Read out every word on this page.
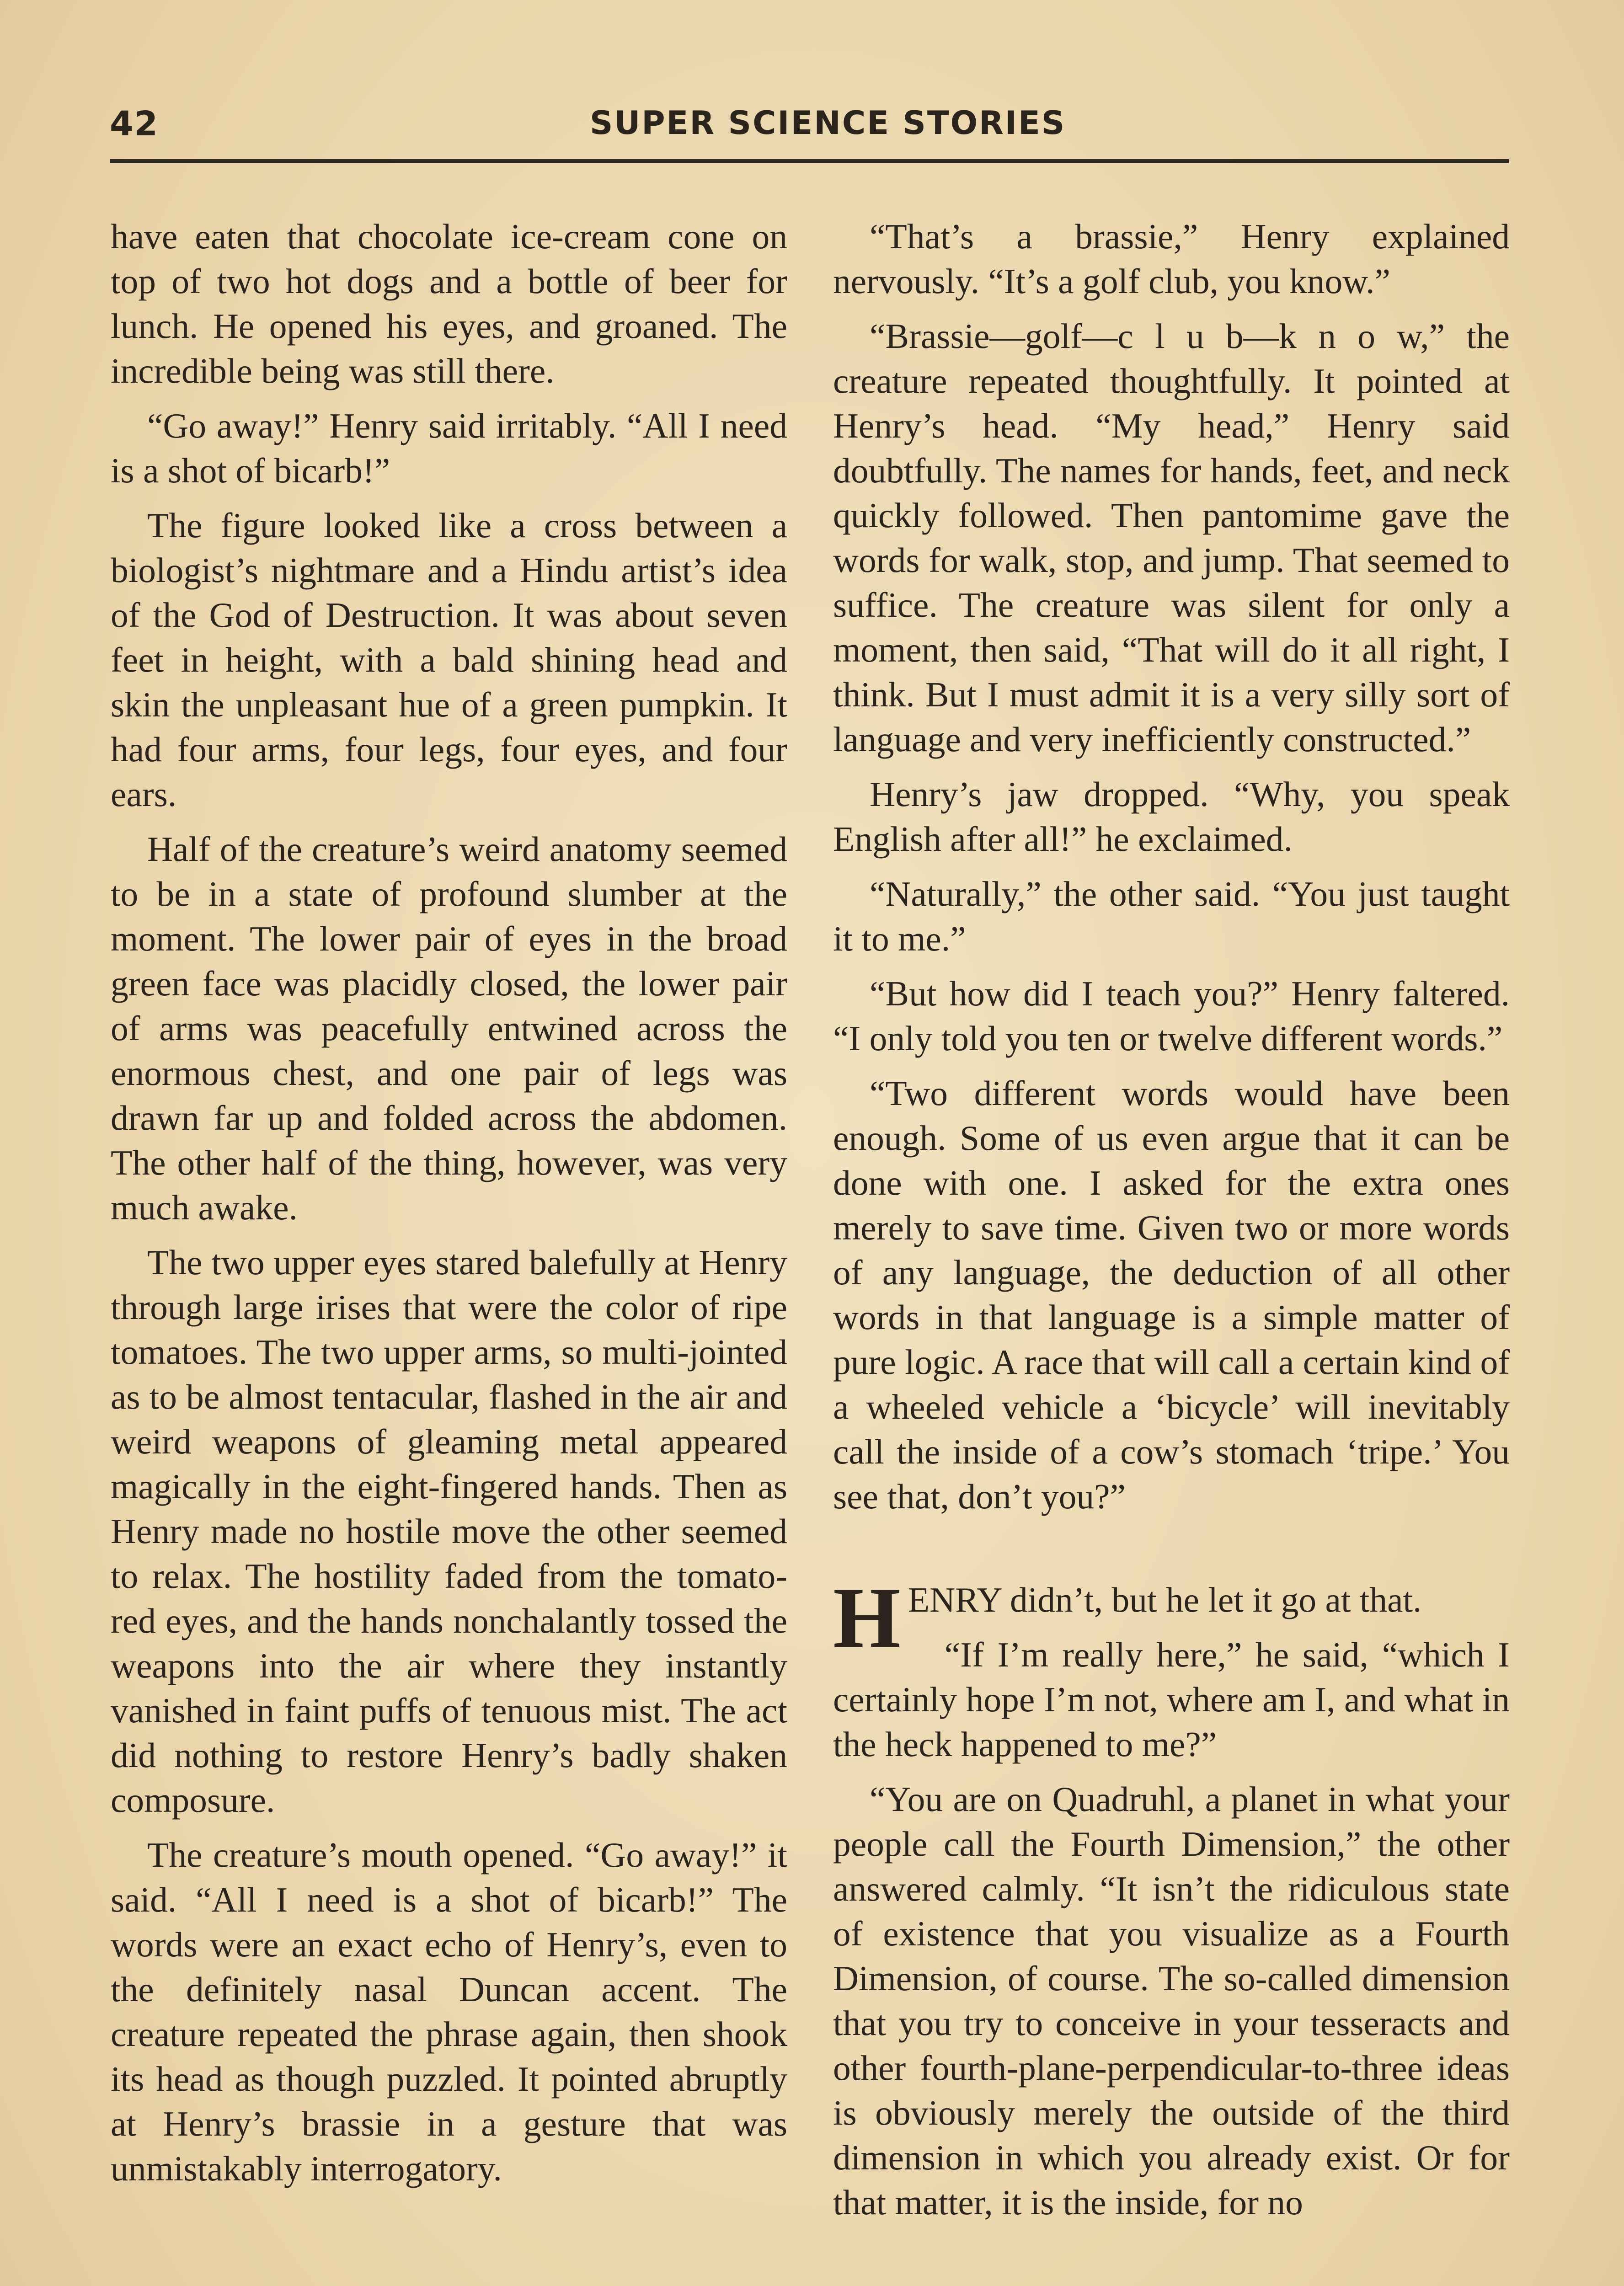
42	SUPER SCIENCE STORIES

have eaten that chocolate ice-cream cone on top of two hot dogs and a bottle of beer for lunch. He opened his eyes, and groaned. The incredible being was still there.

“Go away!” Henry said irritably. “All I need is a shot of bicarb!”

The figure looked like a cross between a biologist’s nightmare and a Hindu artist’s idea of the God of Destruction. It was about seven feet in height, with a bald shining head and skin the unpleasant hue of a green pumpkin. It had four arms, four legs, four eyes, and four ears.

Half of the creature’s weird anatomy seemed to be in a state of profound slumber at the moment. The lower pair of eyes in the broad green face was placidly closed, the lower pair of arms was peacefully entwined across the enormous chest, and one pair of legs was drawn far up and folded across the abdomen. The other half of the thing, however, was very much awake.

The two upper eyes stared balefully at Henry through large irises that were the color of ripe tomatoes. The two upper arms, so multi-jointed as to be almost tentacular, flashed in the air and weird weapons of gleaming metal appeared magically in the eight-fingered hands. Then as Henry made no hostile move the other seemed to relax. The hostility faded from the tomato-red eyes, and the hands nonchalantly tossed the weapons into the air where they instantly vanished in faint puffs of tenuous mist. The act did nothing to restore Henry’s badly shaken composure.

The creature’s mouth opened. “Go away!” it said. “All I need is a shot of bicarb!” The words were an exact echo of Henry’s, even to the definitely nasal Duncan accent. The creature repeated the phrase again, then shook its head as though puzzled. It pointed abruptly at Henry’s brassie in a gesture that was unmistakably interrogatory.

“That’s a brassie,” Henry explained nervously. “It’s a golf club, you know.”

“Brassie—golf—c l u b—k n o w,” the creature repeated thoughtfully. It pointed at Henry’s head. “My head,” Henry said doubtfully. The names for hands, feet, and neck quickly followed. Then pantomime gave the words for walk, stop, and jump. That seemed to suffice. The creature was silent for only a moment, then said, “That will do it all right, I think. But I must admit it is a very silly sort of language and very inefficiently constructed.”

Henry’s jaw dropped. “Why, you speak English after all!” he exclaimed.

“Naturally,” the other said. “You just taught it to me.”

“But how did I teach you?” Henry faltered. “I only told you ten or twelve different words.”

“Two different words would have been enough. Some of us even argue that it can be done with one. I asked for the extra ones merely to save time. Given two or more words of any language, the deduction of all other words in that language is a simple matter of pure logic. A race that will call a certain kind of a wheeled vehicle a ‘bicycle’ will inevitably call the inside of a cow’s stomach ‘tripe.’ You see that, don’t you?”

HENRY didn’t, but he let it go at that.

“If I’m really here,” he said, “which I certainly hope I’m not, where am I, and what in the heck happened to me?”

“You are on Quadruhl, a planet in what your people call the Fourth Dimension,” the other answered calmly. “It isn’t the ridiculous state of existence that you visualize as a Fourth Dimension, of course. The so-called dimension that you try to conceive in your tesseracts and other fourth-plane-perpendicular-to-three ideas is obviously merely the outside of the third dimension in which you already exist. Or for that matter, it is the inside, for no
